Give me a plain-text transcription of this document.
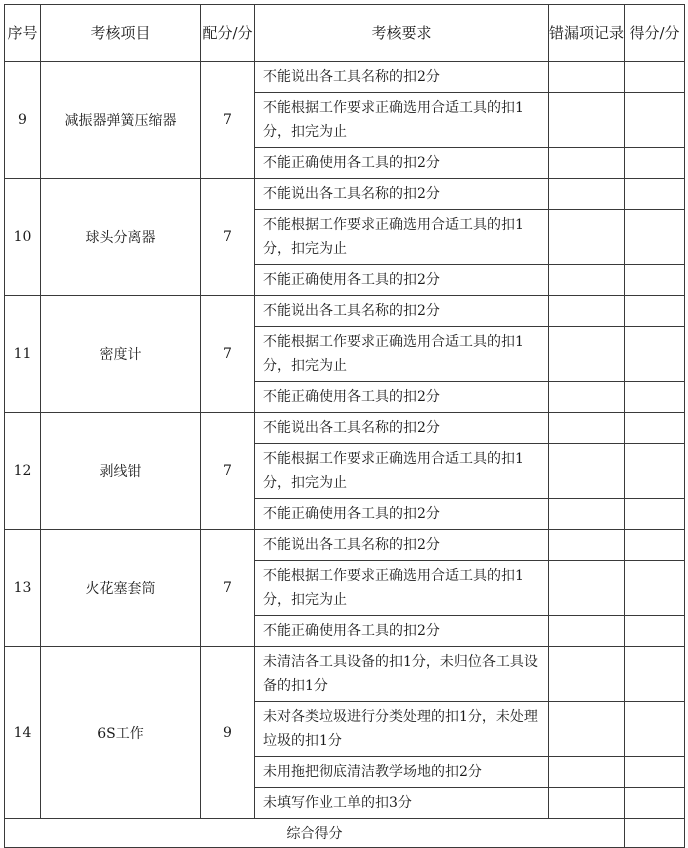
序号	考核项目	配分/分	考核要求	错漏项记录	得分/分
9	减振器弹簧压缩器	7	不能说出各工具名称的扣2分		
			不能根据工作要求正确选用合适工具的扣1分，扣完为止		
			不能正确使用各工具的扣2分		
10	球头分离器	7	不能说出各工具名称的扣2分		
			不能根据工作要求正确选用合适工具的扣1分，扣完为止		
			不能正确使用各工具的扣2分		
11	密度计	7	不能说出各工具名称的扣2分		
			不能根据工作要求正确选用合适工具的扣1分，扣完为止		
			不能正确使用各工具的扣2分		
12	剥线钳	7	不能说出各工具名称的扣2分		
			不能根据工作要求正确选用合适工具的扣1分，扣完为止		
			不能正确使用各工具的扣2分		
13	火花塞套筒	7	不能说出各工具名称的扣2分		
			不能根据工作要求正确选用合适工具的扣1分，扣完为止		
			不能正确使用各工具的扣2分		
14	6S工作	9	未清洁各工具设备的扣1分，未归位各工具设备的扣1分		
			未对各类垃圾进行分类处理的扣1分，未处理垃圾的扣1分		
			未用拖把彻底清洁教学场地的扣2分		
			未填写作业工单的扣3分		
综合得分					
